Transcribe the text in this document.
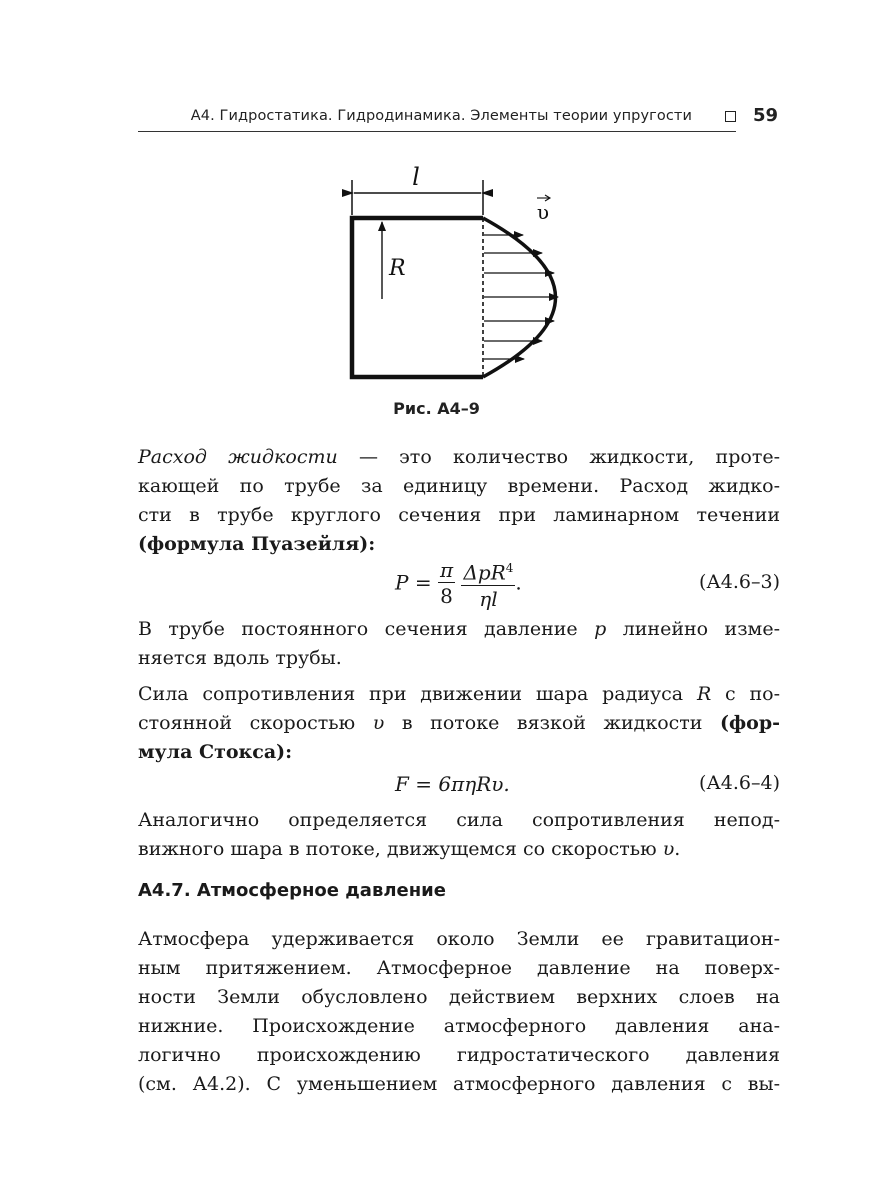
А4. Гидростатика. Гидродинамика. Элементы теории упругости	59
l
R
υ
Рис. А4–9
Расход жидкости — это количество жидкости, проте-
кающей по трубе за единицу времени. Расход жидко-
сти в трубе круглого сечения при ламинарном течении
(формула Пуазейля):
$P = \frac{\pi}{8}$
$\frac{\Delta pR^4}{\eta l}$ .	(А4.6–3)
В трубе постоянного сечения давление p линейно изме-
няется вдоль трубы.
Сила сопротивления при движении шара радиуса R с по-
стоянной скоростью υ в потоке вязкой жидкости (фор-
мула Стокса):
F = 6πηRυ.	(А4.6–4)
Аналогично определяется сила сопротивления непод-
вижного шара в потоке, движущемся со скоростью υ.
А4.7. Атмосферное давление
Атмосфера удерживается около Земли ее гравитацион-
ным притяжением. Атмосферное давление на поверх-
ности Земли обусловлено действием верхних слоев на
нижние. Происхождение атмосферного давления ана-
логично происхождению гидростатического давления
(см. А4.2). С уменьшением атмосферного давления с вы-
